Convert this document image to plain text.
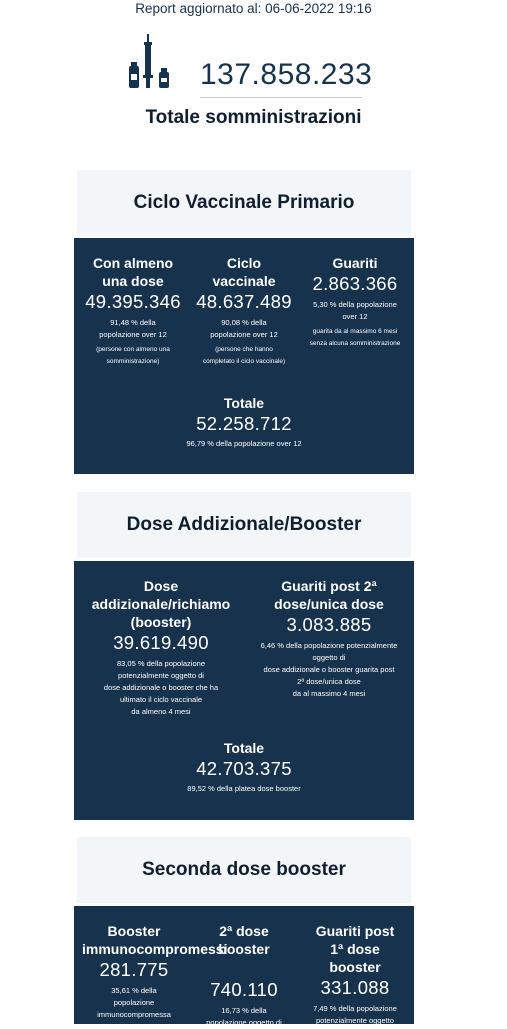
Report aggiornato al: 06-06-2022 19:16
137.858.233
Totale somministrazioni
Ciclo Vaccinale Primario
Con almeno
una dose
49.395.346
91,48 % della
popolazione over 12
(persone con almeno una
somministrazione)
Ciclo
vaccinale
48.637.489
90,08 % della
popolazione over 12
(persone che hanno
completato il ciclo vaccinale)
Guariti
2.863.366
5,30 % della popolazione
over 12
guarita da al massimo 6 mesi
senza alcuna somministrazione
Totale
52.258.712
96,79 % della popolazione over 12
Dose Addizionale/Booster
Dose
addizionale/richiamo
(booster)
39.619.490
83,05 % della popolazione
potenzialmente oggetto di
dose addizionale o booster che ha
ultimato il ciclo vaccinale
da almeno 4 mesi
Guariti post 2ª
dose/unica dose
3.083.885
6,46 % della popolazione potenzialmente
oggetto di
dose addizionale o booster guarita post
2ª dose/unica dose
da al massimo 4 mesi
Totale
42.703.375
89,52 % della platea dose booster
Seconda dose booster
Booster
immunocompromessi
281.775
35,61 % della
popolazione
immunocompromessa
2ª dose
booster
740.110
16,73 % della
popolazione oggetto di
Guariti post
1ª dose
booster
331.088
7,49 % della popolazione
potenzialmente oggetto
